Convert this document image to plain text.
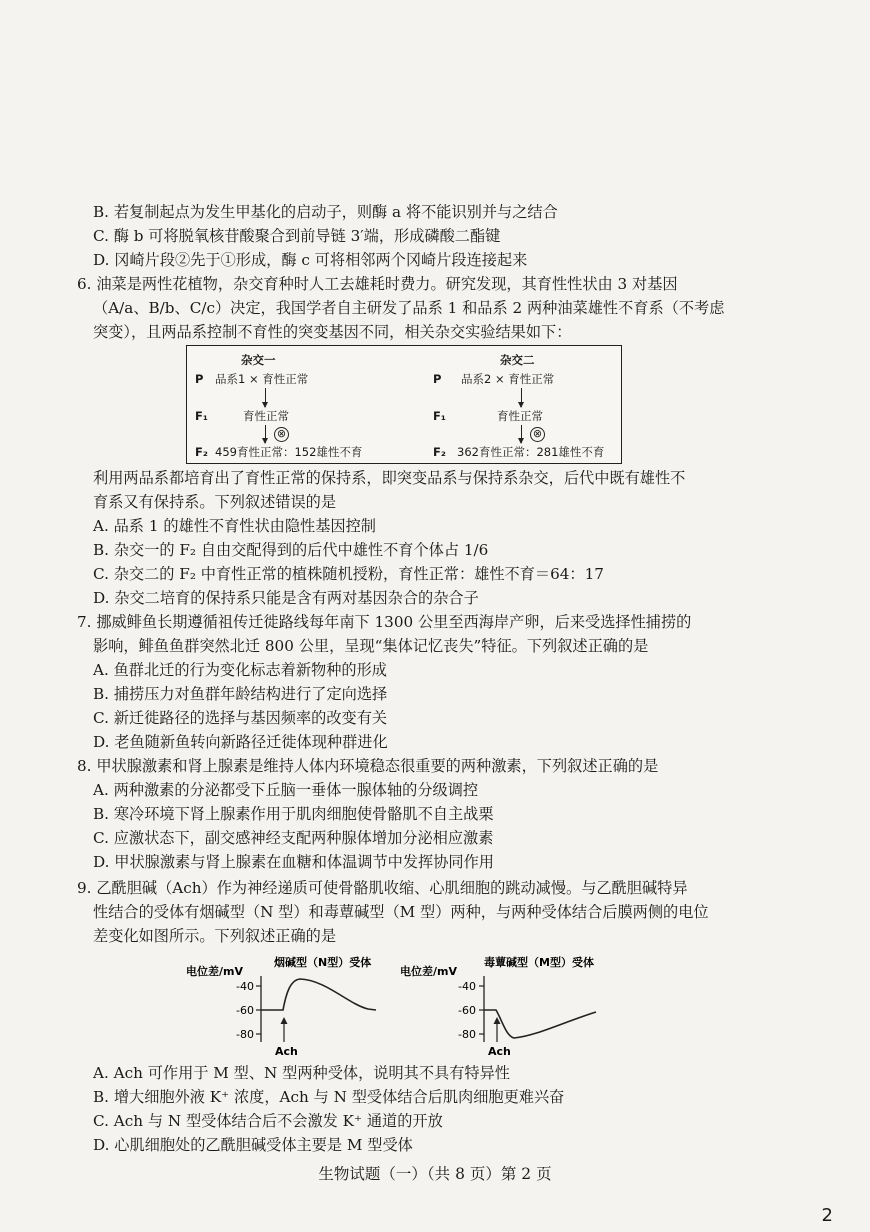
B. 若复制起点为发生甲基化的启动子，则酶 a 将不能识别并与之结合
C. 酶 b 可将脱氧核苷酸聚合到前导链 3′端，形成磷酸二酯键
D. 冈崎片段②先于①形成，酶 c 可将相邻两个冈崎片段连接起来
6. 油菜是两性花植物，杂交育种时人工去雄耗时费力。研究发现，其育性性状由 3 对基因
（A/a、B/b、C/c）决定，我国学者自主研发了品系 1 和品系 2 两种油菜雄性不育系（不考虑
突变），且两品系控制不育性的突变基因不同，相关杂交实验结果如下：
杂交一
P 品系1 × 育性正常
F₁	育性正常
⊗
F₂ 459育性正常：152雄性不育
杂交二
P 品系2 × 育性正常
F₁	育性正常
⊗
F₂ 362育性正常：281雄性不育
利用两品系都培育出了育性正常的保持系，即突变品系与保持系杂交，后代中既有雄性不
育系又有保持系。下列叙述错误的是
A. 品系 1 的雄性不育性状由隐性基因控制
B. 杂交一的 F₂ 自由交配得到的后代中雄性不育个体占 1/6
C. 杂交二的 F₂ 中育性正常的植株随机授粉，育性正常：雄性不育＝64：17
D. 杂交二培育的保持系只能是含有两对基因杂合的杂合子
7. 挪威鲱鱼长期遵循祖传迁徙路线每年南下 1300 公里至西海岸产卵，后来受选择性捕捞的
影响，鲱鱼鱼群突然北迁 800 公里，呈现“集体记忆丧失”特征。下列叙述正确的是
A. 鱼群北迁的行为变化标志着新物种的形成
B. 捕捞压力对鱼群年龄结构进行了定向选择
C. 新迁徙路径的选择与基因频率的改变有关
D. 老鱼随新鱼转向新路径迁徙体现种群进化
8. 甲状腺激素和肾上腺素是维持人体内环境稳态很重要的两种激素，下列叙述正确的是
A. 两种激素的分泌都受下丘脑一垂体一腺体轴的分级调控
B. 寒冷环境下肾上腺素作用于肌肉细胞使骨骼肌不自主战栗
C. 应激状态下，副交感神经支配两种腺体增加分泌相应激素
D. 甲状腺激素与肾上腺素在血糖和体温调节中发挥协同作用
9. 乙酰胆碱（Ach）作为神经递质可使骨骼肌收缩、心肌细胞的跳动减慢。与乙酰胆碱特异
性结合的受体有烟碱型（N 型）和毒蕈碱型（M 型）两种，与两种受体结合后膜两侧的电位
差变化如图所示。下列叙述正确的是
烟碱型（N型）受体
电位差/mV
-40
-60
-80
Ach
毒蕈碱型（M型）受体
电位差/mV
-40
-60
-80
Ach
A. Ach 可作用于 M 型、N 型两种受体，说明其不具有特异性
B. 增大细胞外液 K⁺ 浓度，Ach 与 N 型受体结合后肌肉细胞更难兴奋
C. Ach 与 N 型受体结合后不会激发 K⁺ 通道的开放
D. 心肌细胞处的乙酰胆碱受体主要是 M 型受体
生物试题（一）（共 8 页）第 2 页
2
